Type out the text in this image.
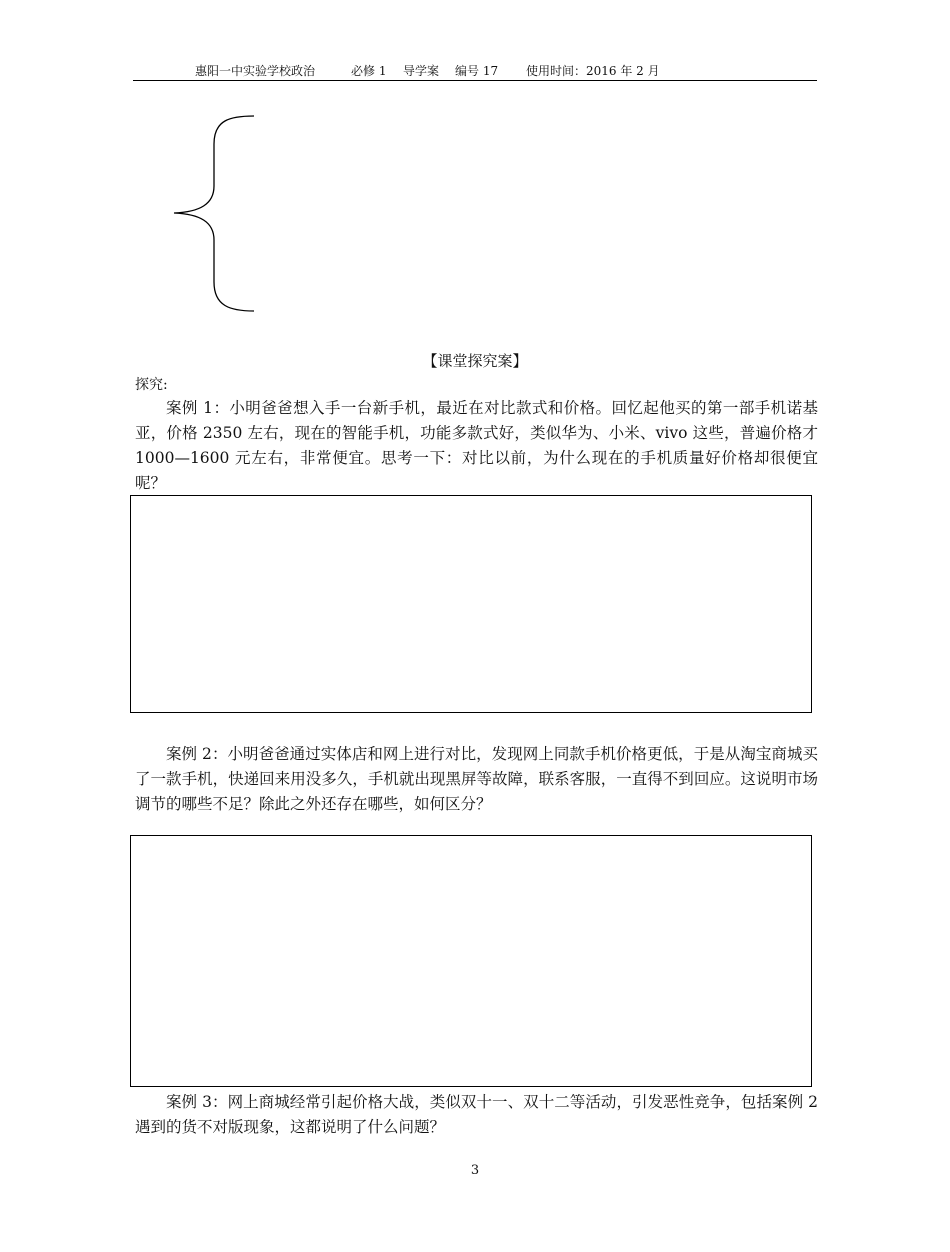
惠阳一中实验学校政治	必修 1 导学案 编号 17 使用时间：2016 年 2 月
【课堂探究案】
探究:

案例 1：小明爸爸想入手一台新手机，最近在对比款式和价格。回忆起他买的第一部手机诺基亚，价格 2350 左右，现在的智能手机，功能多款式好，类似华为、小米、vivo 这些，普遍价格才 1000—1600 元左右，非常便宜。思考一下：对比以前，为什么现在的手机质量好价格却很便宜呢？

案例 2：小明爸爸通过实体店和网上进行对比，发现网上同款手机价格更低，于是从淘宝商城买了一款手机，快递回来用没多久，手机就出现黑屏等故障，联系客服，一直得不到回应。这说明市场调节的哪些不足？除此之外还存在哪些，如何区分？

案例 3：网上商城经常引起价格大战，类似双十一、双十二等活动，引发恶性竞争，包括案例 2 遇到的货不对版现象，这都说明了什么问题？

3
